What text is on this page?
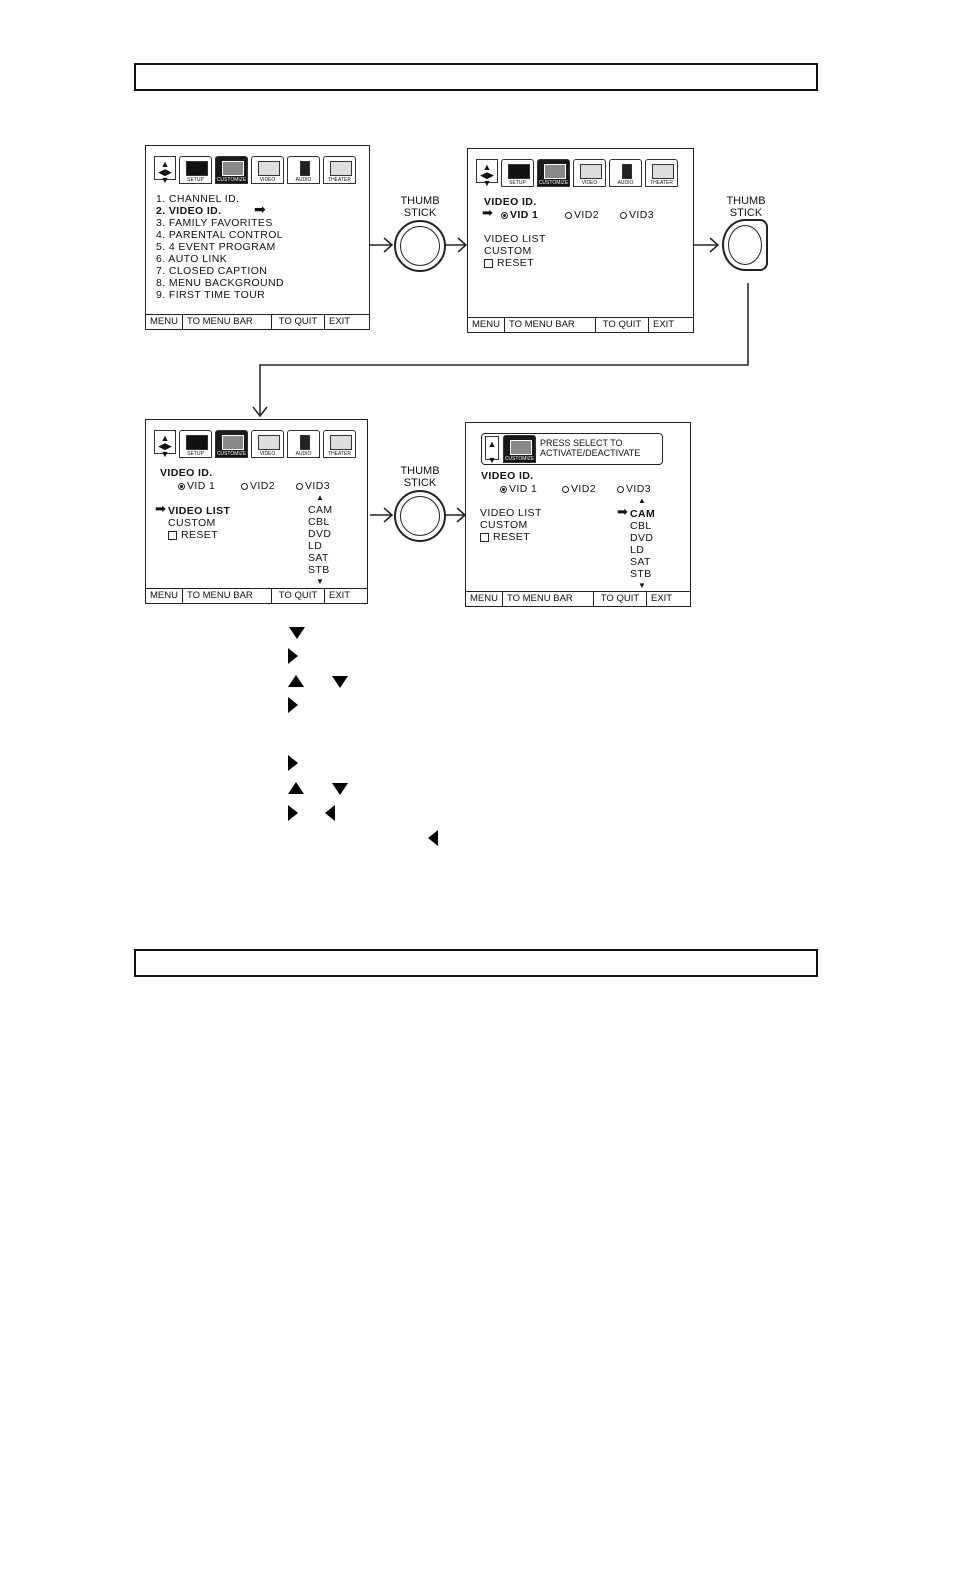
▲
◀▶
▼	SETUP	CUSTOMIZE	VIDEO	AUDIO	THEATER
1. CHANNEL ID.
2. VIDEO ID. ➡
3. FAMILY FAVORITES
4. PARENTAL CONTROL
5. 4 EVENT PROGRAM
6. AUTO LINK
7. CLOSED CAPTION
8. MENU BACKGROUND
9. FIRST TIME TOUR
MENU TO MENU BAR	TO QUIT	EXIT
THUMB
STICK
▲
◀▶
▼	SETUP	CUSTOMIZE	VIDEO	AUDIO	THEATER
VIDEO ID.
➡	VID 1	VID2	VID3
VIDEO LIST
CUSTOM
RESET
MENU TO MENU BAR	TO QUIT	EXIT
THUMB
STICK
▲
◀▶
▼	SETUP	CUSTOMIZE	VIDEO	AUDIO	THEATER
VIDEO ID.
VID 1	VID2	VID3
▲
➡ VIDEO LIST
CUSTOM
RESET
CAM
CBL
DVD
LD
SAT
STB
▼
MENU TO MENU BAR	TO QUIT	EXIT
THUMB
STICK
▲

▼	CUSTOMIZE
PRESS SELECT TO ACTIVATE/DEACTIVATE
VIDEO ID.
VID 1	VID2	VID3
▲
VIDEO LIST
CUSTOM
RESET
➡ CAM
CBL
DVD
LD
SAT
STB
▼
MENU TO MENU BAR	TO QUIT	EXIT
